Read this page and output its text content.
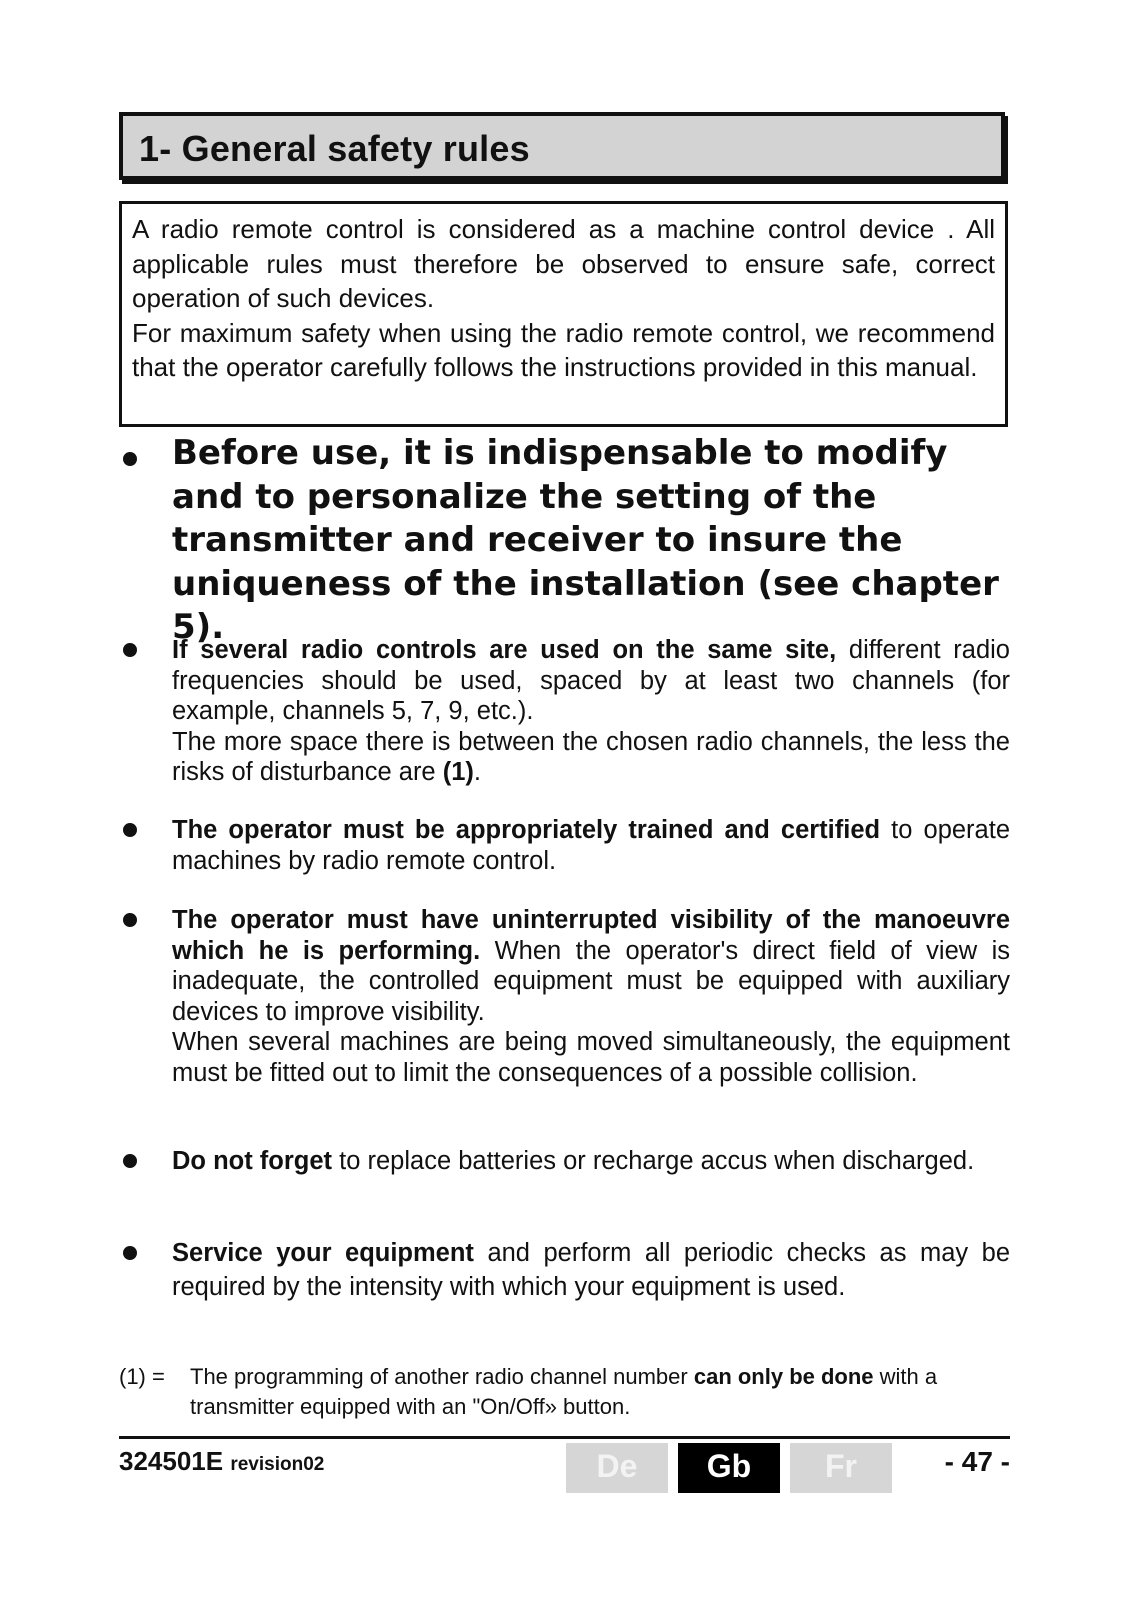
1- General safety rules

A radio remote control is considered as a machine control device . All applicable rules must therefore be observed to ensure safe, correct operation of such devices.

For maximum safety when using the radio remote control, we recommend that the operator carefully follows the instructions provided in this manual.

Before use, it is indispensable to modify and to personalize the setting of the transmitter and receiver to insure the uniqueness of the installation (see chapter 5).

If several radio controls are used on the same site, different radio frequencies should be used, spaced by at least two channels (for example, channels 5, 7, 9, etc.).

The more space there is between the chosen radio channels, the less the risks of disturbance are (1).

The operator must be appropriately trained and certified to operate machines by radio remote control.

The operator must have uninterrupted visibility of the manoeuvre which he is performing. When the operator's direct field of view is inadequate, the controlled equipment must be equipped with auxiliary devices to improve visibility.

When several machines are being moved simultaneously, the equipment must be fitted out to limit the consequences of a possible collision.

Do not forget to replace batteries or recharge accus when discharged.

Service your equipment and perform all periodic checks as may be required by the intensity with which your equipment is used.

(1) = The programming of another radio channel number can only be done with a transmitter equipped with an "On/Off» button.
324501E revision02	De	Gb	Fr	- 47 -
